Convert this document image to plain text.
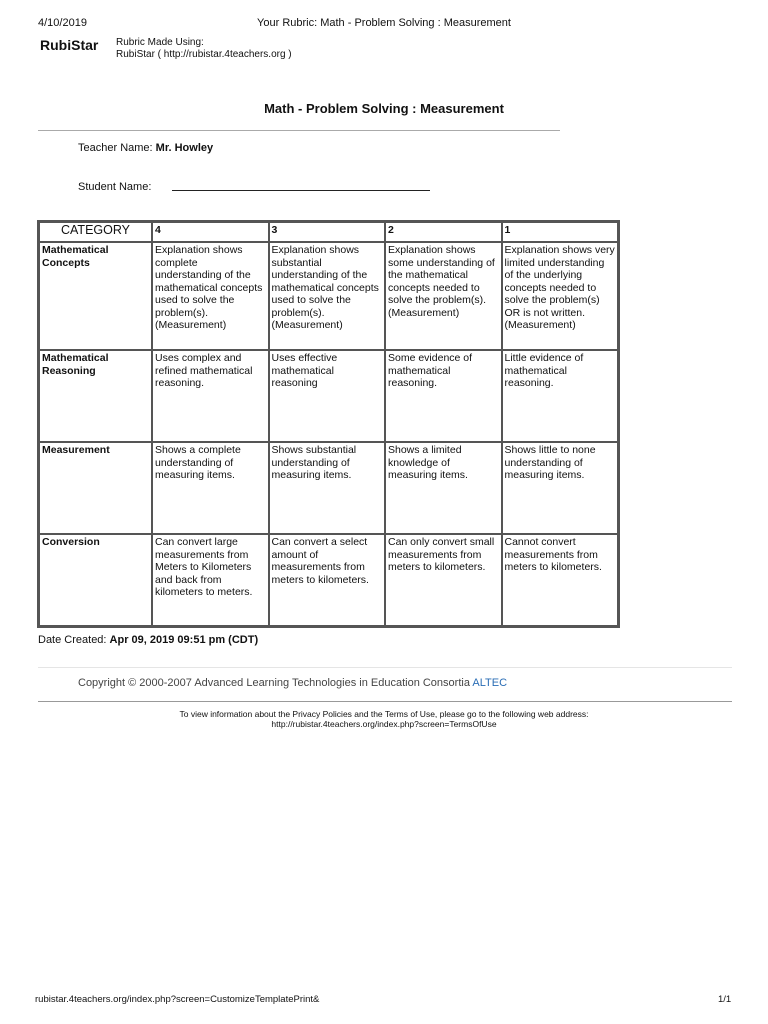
4/10/2019	Your Rubric: Math - Problem Solving : Measurement
RubiStar Rubric Made Using:
RubiStar ( http://rubistar.4teachers.org )
Math - Problem Solving : Measurement
Teacher Name: Mr. Howley
Student Name:
CATEGORY	4	3	2	1
Mathematical Concepts	Explanation shows complete understanding of the mathematical concepts used to solve the problem(s). (Measurement)	Explanation shows substantial understanding of the mathematical concepts used to solve the problem(s). (Measurement)	Explanation shows some understanding of the mathematical concepts needed to solve the problem(s). (Measurement)	Explanation shows very limited understanding of the underlying concepts needed to solve the problem(s) OR is not written. (Measurement)
Mathematical Reasoning	Uses complex and refined mathematical reasoning.	Uses effective mathematical reasoning	Some evidence of mathematical reasoning.	Little evidence of mathematical reasoning.
Measurement	Shows a complete understanding of measuring items.	Shows substantial understanding of measuring items.	Shows a limited knowledge of measuring items.	Shows little to none understanding of measuring items.
Conversion	Can convert large measurements from Meters to Kilometers and back from kilometers to meters.	Can convert a select amount of measurements from meters to kilometers.	Can only convert small measurements from meters to kilometers.	Cannot convert measurements from meters to kilometers.
Date Created: Apr 09, 2019 09:51 pm (CDT)
Copyright © 2000-2007 Advanced Learning Technologies in Education Consortia ALTEC
To view information about the Privacy Policies and the Terms of Use, please go to the following web address:
http://rubistar.4teachers.org/index.php?screen=TermsOfUse
rubistar.4teachers.org/index.php?screen=CustomizeTemplatePrint&	1/1
